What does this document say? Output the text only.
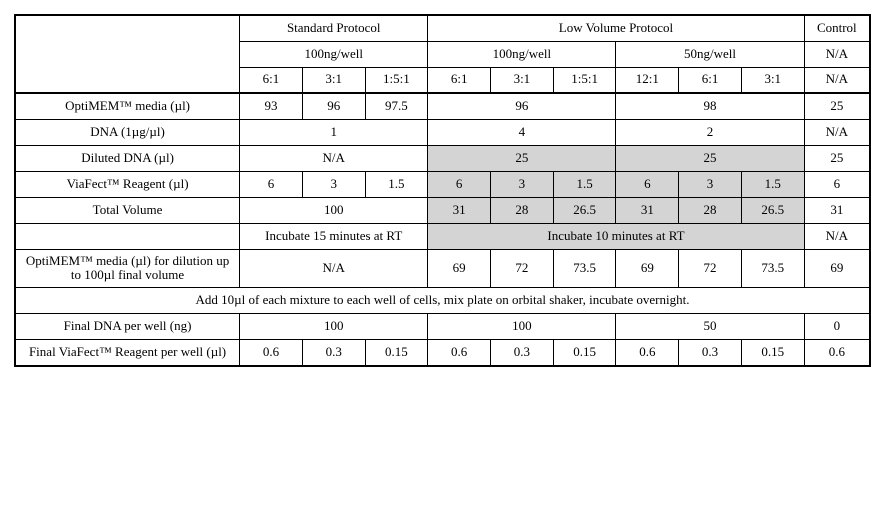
	Standard Protocol			Low Volume Protocol						Control
	100ng/well			100ng/well			50ng/well			N/A
	6:1	3:1	1:5:1	6:1	3:1	1:5:1	12:1	6:1	3:1	N/A
OptiMEM™ media (µl)	93	96	97.5	96			98			25
DNA (1µg/µl)	1			4			2			N/A
Diluted DNA (µl)	N/A			25			25			25
ViaFect™ Reagent (µl)	6	3	1.5	6	3	1.5	6	3	1.5	6
Total Volume	100			31	28	26.5	31	28	26.5	31
	Incubate 15 minutes at RT			Incubate 10 minutes at RT						N/A
OptiMEM™ media (µl) for dilution up to 100µl final volume	N/A			69	72	73.5	69	72	73.5	69
Add 10µl of each mixture to each well of cells, mix plate on orbital shaker, incubate overnight.										
Final DNA per well (ng)	100			100			50			0
Final ViaFect™ Reagent per well (µl)	0.6	0.3	0.15	0.6	0.3	0.15	0.6	0.3	0.15	0.6
